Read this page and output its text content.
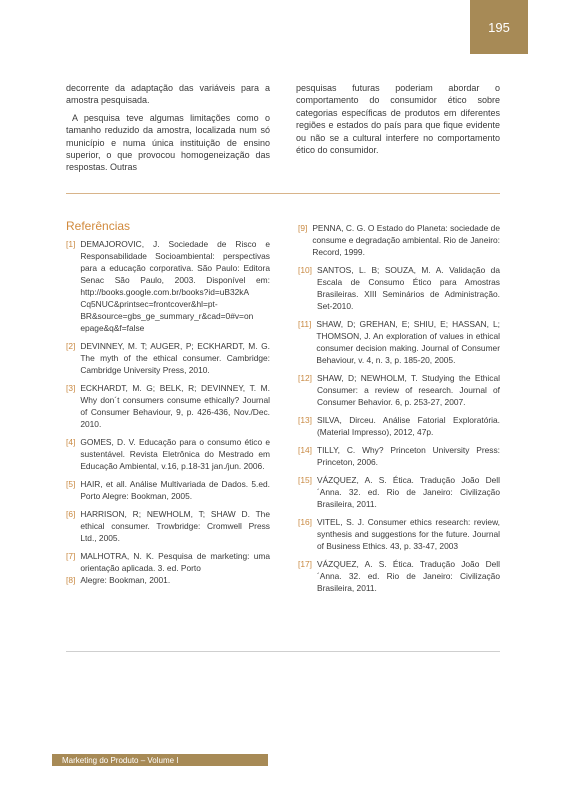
195

decorrente da adaptação das variáveis para a amostra pesquisada.

A pesquisa teve algumas limitações como o tamanho reduzido da amostra, localizada num só município e numa única instituição de ensino superior, o que provocou homogeneização das respostas. Outras

pesquisas futuras poderiam abordar o comportamento do consumidor ético sobre categorias específicas de produtos em diferentes regiões e estados do país para que fique evidente ou não se a cultural interfere no comportamento ético do consumidor.

Referências
[1] DEMAJOROVIC, J. Sociedade de Risco e Responsabilidade Socioambiental: perspectivas para a educação corporativa. São Paulo: Editora Senac São Paulo, 2003. Disponível em: http://books.google.com.br/books?id=uB32kA Cq5NUC&printsec=frontcover&hl=pt-BR&source=gbs_ge_summary_r&cad=0#v=on epage&q&f=false
[2] DEVINNEY, M. T; AUGER, P; ECKHARDT, M. G. The myth of the ethical consumer. Cambridge: Cambridge University Press, 2010.
[3] ECKHARDT, M. G; BELK, R; DEVINNEY, T. M. Why don´t consumers consume ethically? Journal of Consumer Behaviour, 9, p. 426-436, Nov./Dec. 2010.
[4] GOMES, D. V. Educação para o consumo ético e sustentável. Revista Eletrônica do Mestrado em Educação Ambiental, v.16, p.18-31 jan./jun. 2006.
[5] HAIR, et all. Análise Multivariada de Dados. 5.ed. Porto Alegre: Bookman, 2005.
[6] HARRISON, R; NEWHOLM, T; SHAW D. The ethical consumer. Trowbridge: Cromwell Press Ltd., 2005.
[7] MALHOTRA, N. K. Pesquisa de marketing: uma orientação aplicada. 3. ed. Porto
[8] Alegre: Bookman, 2001.
[9] PENNA, C. G. O Estado do Planeta: sociedade de consume e degradação ambiental. Rio de Janeiro: Record, 1999.
[10] SANTOS, L. B; SOUZA, M. A. Validação da Escala de Consumo Ético para Amostras Brasileiras. XIII Seminários de Administração. Set-2010.
[11] SHAW, D; GREHAN, E; SHIU, E; HASSAN, L; THOMSON, J. An exploration of values in ethical consumer decision making. Journal of Consumer Behaviour, v. 4, n. 3, p. 185-20, 2005.
[12] SHAW, D; NEWHOLM, T. Studying the Ethical Consumer: a review of research. Journal of Consumer Behavior. 6, p. 253-27, 2007.
[13] SILVA, Dirceu. Análise Fatorial Exploratória. (Material Impresso), 2012, 47p.
[14] TILLY, C. Why? Princeton University Press: Princeton, 2006.
[15] VÁZQUEZ, A. S. Ética. Tradução João Dell´Anna. 32. ed. Rio de Janeiro: Civilização Brasileira, 2011.
[16] VITEL, S. J. Consumer ethics research: review, synthesis and suggestions for the future. Journal of Business Ethics. 43, p. 33-47, 2003
[17] VÁZQUEZ, A. S. Ética. Tradução João Dell´Anna. 32. ed. Rio de Janeiro: Civilização Brasileira, 2011.
Marketing do Produto – Volume I
